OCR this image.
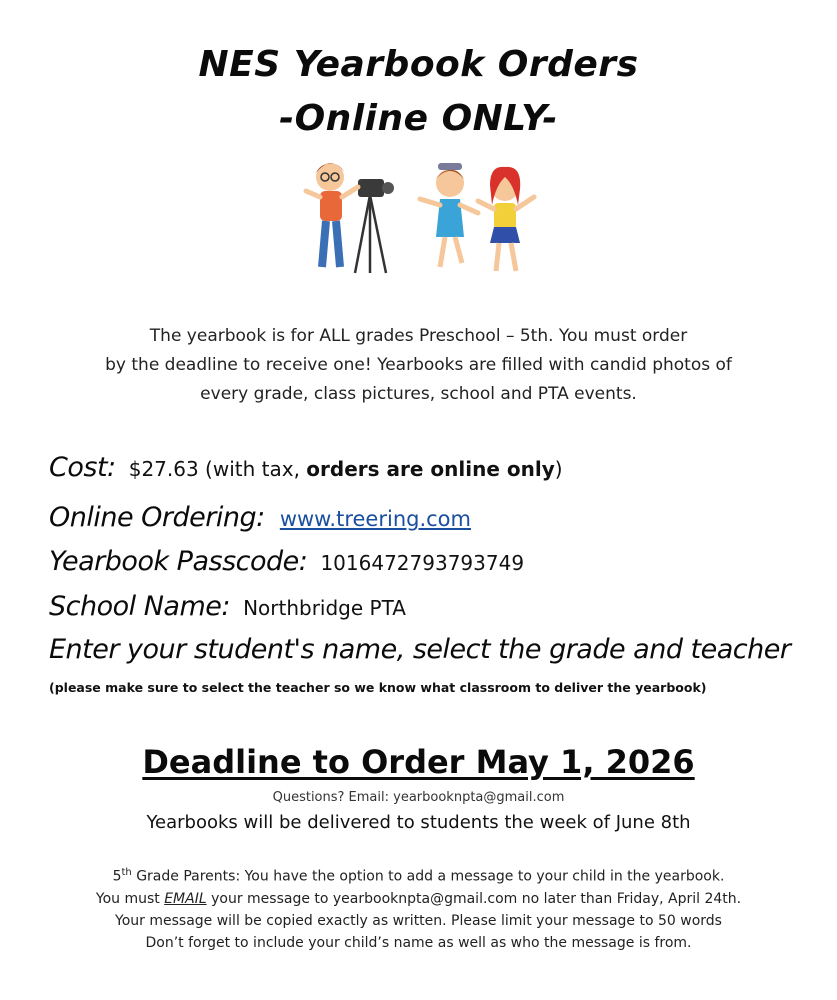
NES Yearbook Orders
-Online ONLY-
The yearbook is for ALL grades Preschool – 5th. You must order
by the deadline to receive one! Yearbooks are filled with candid photos of
every grade, class pictures, school and PTA events.
Cost: $27.63 (with tax, orders are online only)
Online Ordering: www.treering.com
Yearbook Passcode: 1016472793793749
School Name: Northbridge PTA
Enter your student's name, select the grade and teacher
(please make sure to select the teacher so we know what classroom to deliver the yearbook)
Deadline to Order May 1, 2026
Questions? Email: yearbooknpta@gmail.com
Yearbooks will be delivered to students the week of June 8th
5th Grade Parents: You have the option to add a message to your child in the yearbook.
You must EMAIL your message to yearbooknpta@gmail.com no later than Friday, April 24th.
Your message will be copied exactly as written. Please limit your message to 50 words
Don’t forget to include your child’s name as well as who the message is from.
